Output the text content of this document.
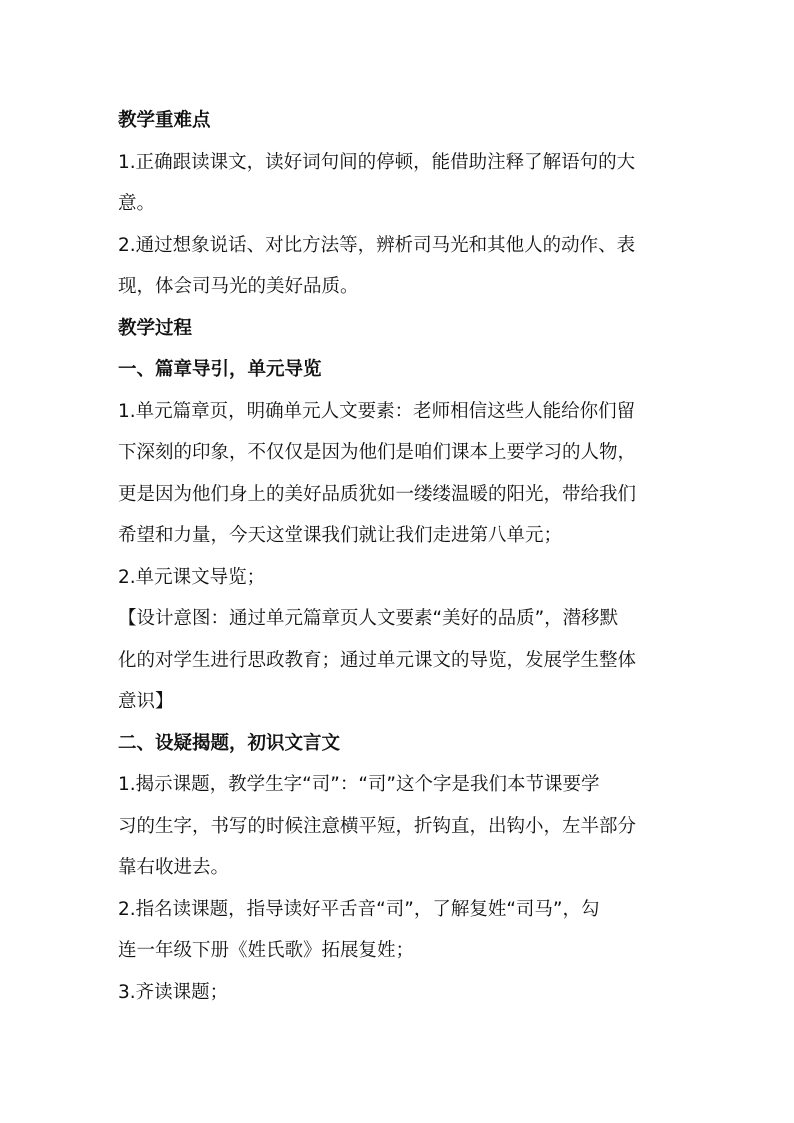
教学重难点
1.正确跟读课文，读好词句间的停顿，能借助注释了解语句的大
意。
2.通过想象说话、对比方法等，辨析司马光和其他人的动作、表
现，体会司马光的美好品质。
教学过程
一、篇章导引，单元导览
1.单元篇章页，明确单元人文要素：老师相信这些人能给你们留
下深刻的印象，不仅仅是因为他们是咱们课本上要学习的人物，
更是因为他们身上的美好品质犹如一缕缕温暖的阳光，带给我们
希望和力量，今天这堂课我们就让我们走进第八单元；
2.单元课文导览；
【设计意图：通过单元篇章页人文要素“美好的品质”，潜移默
化的对学生进行思政教育；通过单元课文的导览，发展学生整体
意识】
二、设疑揭题，初识文言文
1.揭示课题，教学生字“司”：“司”这个字是我们本节课要学
习的生字，书写的时候注意横平短，折钩直，出钩小，左半部分
靠右收进去。
2.指名读课题，指导读好平舌音“司”，了解复姓“司马”，勾
连一年级下册《姓氏歌》拓展复姓；
3.齐读课题；
